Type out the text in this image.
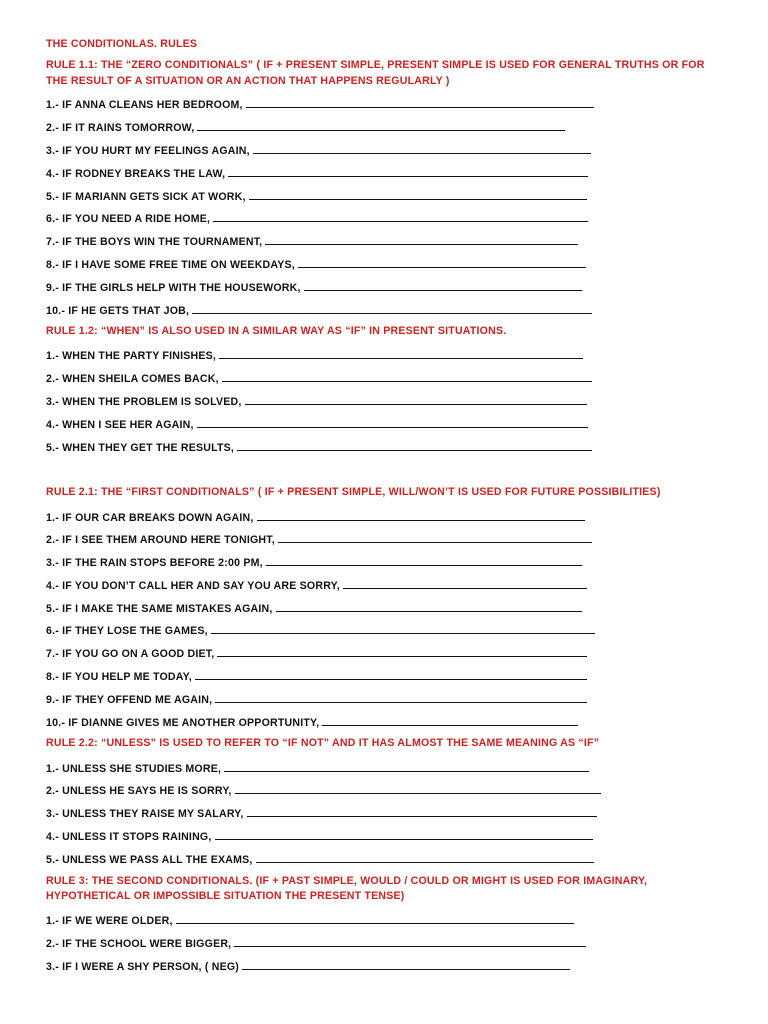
THE CONDITIONLAS. RULES
RULE 1.1: THE “ZERO CONDITIONALS” ( IF + PRESENT SIMPLE, PRESENT SIMPLE IS USED FOR GENERAL TRUTHS OR FOR
THE RESULT OF A SITUATION OR AN ACTION THAT HAPPENS REGULARLY )
1.- IF ANNA CLEANS HER BEDROOM,
2.- IF IT RAINS TOMORROW,
3.- IF YOU HURT MY FEELINGS AGAIN,
4.- IF RODNEY BREAKS THE LAW,
5.- IF MARIANN GETS SICK AT WORK,
6.- IF YOU NEED A RIDE HOME,
7.- IF THE BOYS WIN THE TOURNAMENT,
8.- IF I HAVE SOME FREE TIME ON WEEKDAYS,
9.- IF THE GIRLS HELP WITH THE HOUSEWORK,
10.- IF HE GETS THAT JOB,
RULE 1.2: “WHEN” IS ALSO USED IN A SIMILAR WAY AS “IF” IN PRESENT SITUATIONS.
1.- WHEN THE PARTY FINISHES,
2.- WHEN SHEILA COMES BACK,
3.- WHEN THE PROBLEM IS SOLVED,
4.- WHEN I SEE HER AGAIN,
5.- WHEN THEY GET THE RESULTS,
RULE 2.1: THE “FIRST CONDITIONALS” ( IF + PRESENT SIMPLE, WILL/WON’T IS USED FOR FUTURE POSSIBILITIES)
1.- IF OUR CAR BREAKS DOWN AGAIN,
2.- IF I SEE THEM AROUND HERE TONIGHT,
3.- IF THE RAIN STOPS BEFORE 2:00 PM,
4.- IF YOU DON’T CALL HER AND SAY YOU ARE SORRY,
5.- IF I MAKE THE SAME MISTAKES AGAIN,
6.- IF THEY LOSE THE GAMES,
7.- IF YOU GO ON A GOOD DIET,
8.- IF YOU HELP ME TODAY,
9.- IF THEY OFFEND ME AGAIN,
10.- IF DIANNE GIVES ME ANOTHER OPPORTUNITY,
RULE 2.2: “UNLESS” IS USED TO REFER TO “IF NOT” AND IT HAS ALMOST THE SAME MEANING AS “IF”
1.- UNLESS SHE STUDIES MORE,
2.- UNLESS HE SAYS HE IS SORRY,
3.- UNLESS THEY RAISE MY SALARY,
4.- UNLESS IT STOPS RAINING,
5.- UNLESS WE PASS ALL THE EXAMS,
RULE 3: THE SECOND CONDITIONALS. (IF + PAST SIMPLE, WOULD / COULD OR MIGHT IS USED FOR IMAGINARY,
HYPOTHETICAL OR IMPOSSIBLE SITUATION THE PRESENT TENSE)
1.- IF WE WERE OLDER,
2.- IF THE SCHOOL WERE BIGGER,
3.- IF I WERE A SHY PERSON, ( NEG)
